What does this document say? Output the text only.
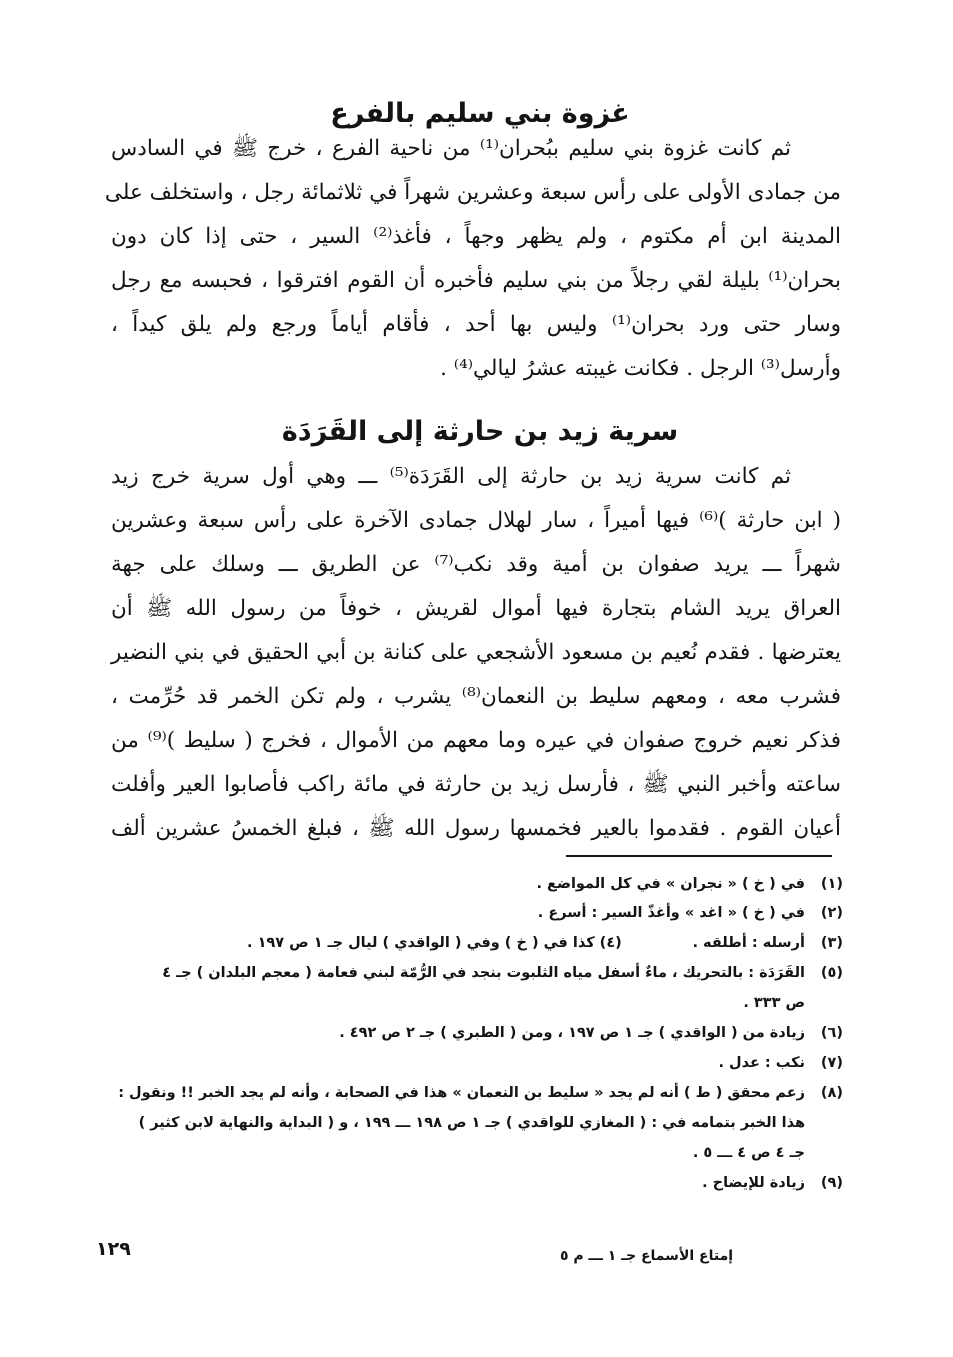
غزوة بني سليم بالفرع
ثم كانت غزوة بني سليم ببُحران⁽¹⁾ من ناحية الفرع ، خرج ﷺ في السادس
من جمادى الأولى على رأس سبعة وعشرين شهراً في ثلاثمائة رجل ، واستخلف على
المدينة ابن أم مكتوم ، ولم يظهر وجهاً ، فأغذ⁽²⁾ السير ، حتى إذا كان دون
بحران⁽¹⁾ بليلة لقي رجلاً من بني سليم فأخبره أن القوم افترقوا ، فحبسه مع رجل
وسار حتى ورد بحران⁽¹⁾ وليس بها أحد ، فأقام أياماً ورجع ولم يلق كيداً ،
وأرسل⁽³⁾ الرجل . فكانت غيبته عشرُ ليالي⁽⁴⁾ .
سرية زيد بن حارثة إلى القَرَدَة
ثم كانت سرية زيد بن حارثة إلى القَرَدَة⁽⁵⁾ ـــ وهي أول سرية خرج زيد
( ابن حارثة )⁽⁶⁾ فيها أميراً ، سار لهلال جمادى الآخرة على رأس سبعة وعشرين
شهراً ـــ يريد صفوان بن أمية وقد نكب⁽⁷⁾ عن الطريق ـــ وسلك على جهة
العراق يريد الشام بتجارة فيها أموال لقريش ، خوفاً من رسول الله ﷺ أن
يعترضها . فقدم نُعيم بن مسعود الأشجعي على كنانة بن أبي الحقيق في بني النضير
فشرب معه ، ومعهم سليط بن النعمان⁽⁸⁾ يشرب ، ولم تكن الخمر قد حُرِّمت ،
فذكر نعيم خروج صفوان في عيره وما معهم من الأموال ، فخرج ( سليط )⁽⁹⁾ من
ساعته وأخبر النبي ﷺ ، فأرسل زيد بن حارثة في مائة راكب فأصابوا العير وأفلت
أعيان القوم . فقدموا بالعير فخمسها رسول الله ﷺ ، فبلغ الخمسُ عشرين ألف
(١)في ( خ ) « نجران » في كل المواضع .
(٢)في ( خ ) « اغد » وأغذّ السير : أسرع .
(٣)أرسله : أطلقه .              (٤) كذا في ( خ ) وفي ( الواقدي ) ليال جـ ١ ص ١٩٧ .
(٥)القَرَدَة : بالتحريك ، ماءٌ أسفل مياه الثلبوت بنجد في الرُّمّة لبني فعامة ( معجم البلدان ) جـ ٤
ص ٣٣٣ .
(٦)زيادة من ( الواقدي ) جـ ١ ص ١٩٧ ، ومن ( الطبري ) جـ ٢ ص ٤٩٢ .
(٧)نكب : عدل .
(٨)زعم محقق ( ط ) أنه لم يجد « سليط بن النعمان » هذا في الصحابة ، وأنه لم يجد الخبر !! ونقول :
هذا الخبر بتمامه في : ( المغازي للواقدي ) جـ ١ ص ١٩٨ ـــ ١٩٩ ، و ( البداية والنهاية لابن كثير )
جـ ٤ ص ٤ ـــ ٥ .
(٩)زيادة للإيضاح .
١٢٩	إمتاع الأسماع جـ ١ ـــ م ٥
